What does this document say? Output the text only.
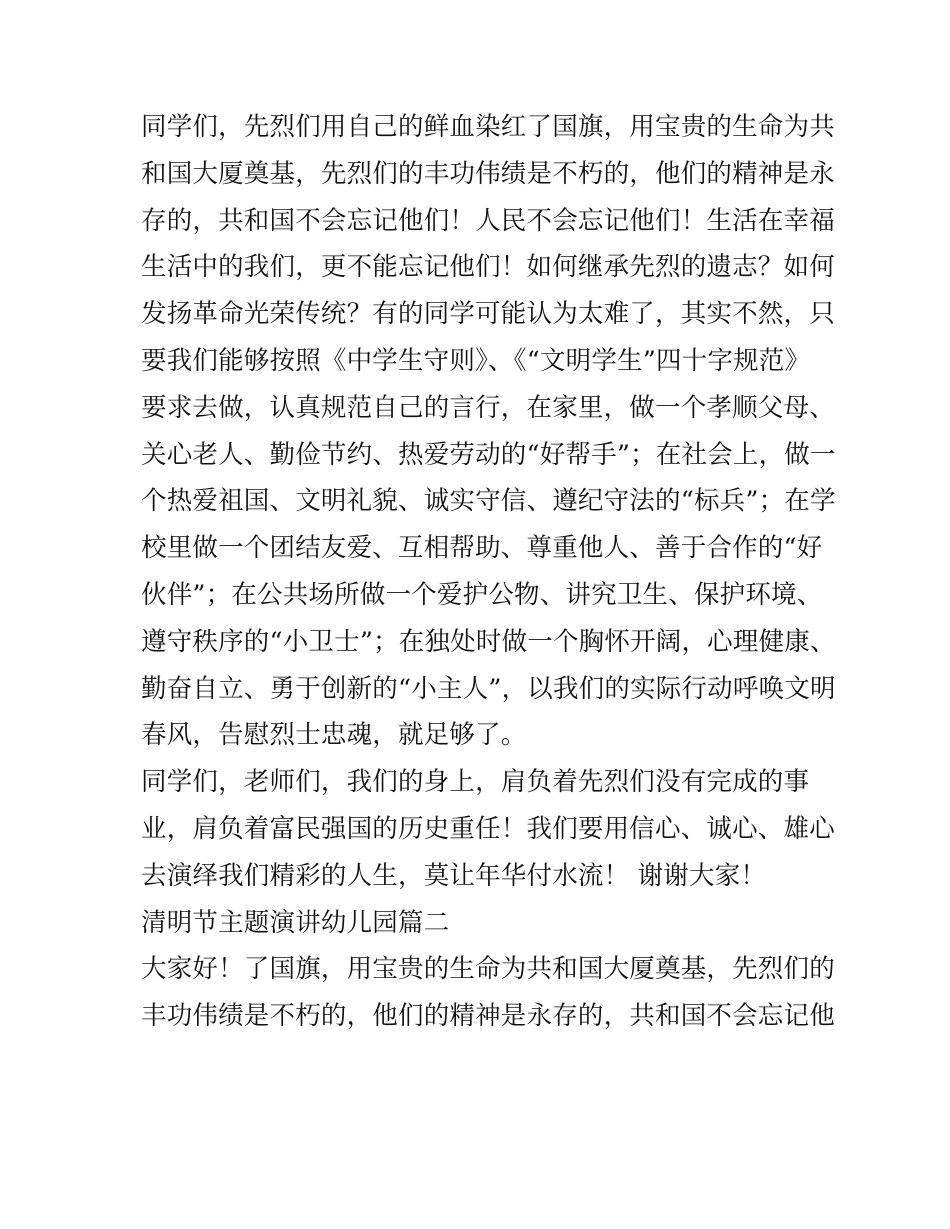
同学们，先烈们用自己的鲜血染红了国旗，用宝贵的生命为共
和国大厦奠基，先烈们的丰功伟绩是不朽的，他们的精神是永
存的，共和国不会忘记他们！人民不会忘记他们！生活在幸福
生活中的我们，更不能忘记他们！如何继承先烈的遗志？如何
发扬革命光荣传统？有的同学可能认为太难了，其实不然，只
要我们能够按照《中学生守则》、《“文明学生”四十字规范》
要求去做，认真规范自己的言行，在家里，做一个孝顺父母、
关心老人、勤俭节约、热爱劳动的“好帮手”；在社会上，做一
个热爱祖国、文明礼貌、诚实守信、遵纪守法的“标兵”；在学
校里做一个团结友爱、互相帮助、尊重他人、善于合作的“好
伙伴”；在公共场所做一个爱护公物、讲究卫生、保护环境、
遵守秩序的“小卫士”；在独处时做一个胸怀开阔，心理健康、
勤奋自立、勇于创新的“小主人”，以我们的实际行动呼唤文明
春风，告慰烈士忠魂，就足够了。
同学们，老师们，我们的身上，肩负着先烈们没有完成的事
业，肩负着富民强国的历史重任！我们要用信心、诚心、雄心
去演绎我们精彩的人生，莫让年华付水流！ 谢谢大家！
清明节主题演讲幼儿园篇二
大家好！了国旗，用宝贵的生命为共和国大厦奠基，先烈们的
丰功伟绩是不朽的，他们的精神是永存的，共和国不会忘记他
